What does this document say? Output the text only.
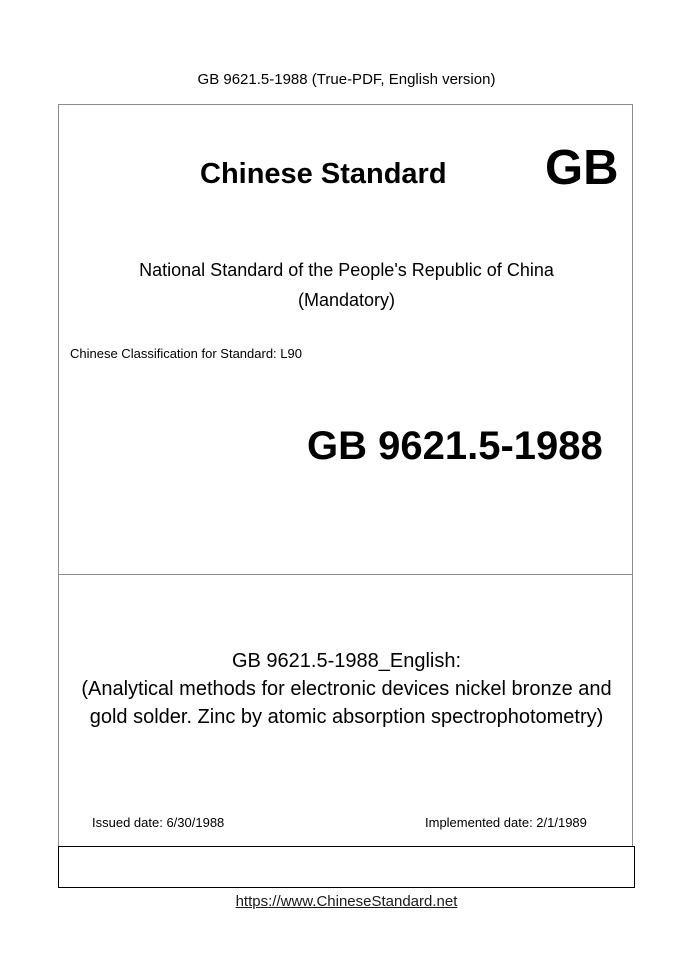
GB 9621.5-1988 (True-PDF, English version)
Chinese Standard GB
National Standard of the People's Republic of China
(Mandatory)
Chinese Classification for Standard: L90
GB 9621.5-1988
GB 9621.5-1988_English:
(Analytical methods for electronic devices nickel bronze and
gold solder. Zinc by atomic absorption spectrophotometry)
Issued date: 6/30/1988	Implemented date: 2/1/1989
https://www.ChineseStandard.net
